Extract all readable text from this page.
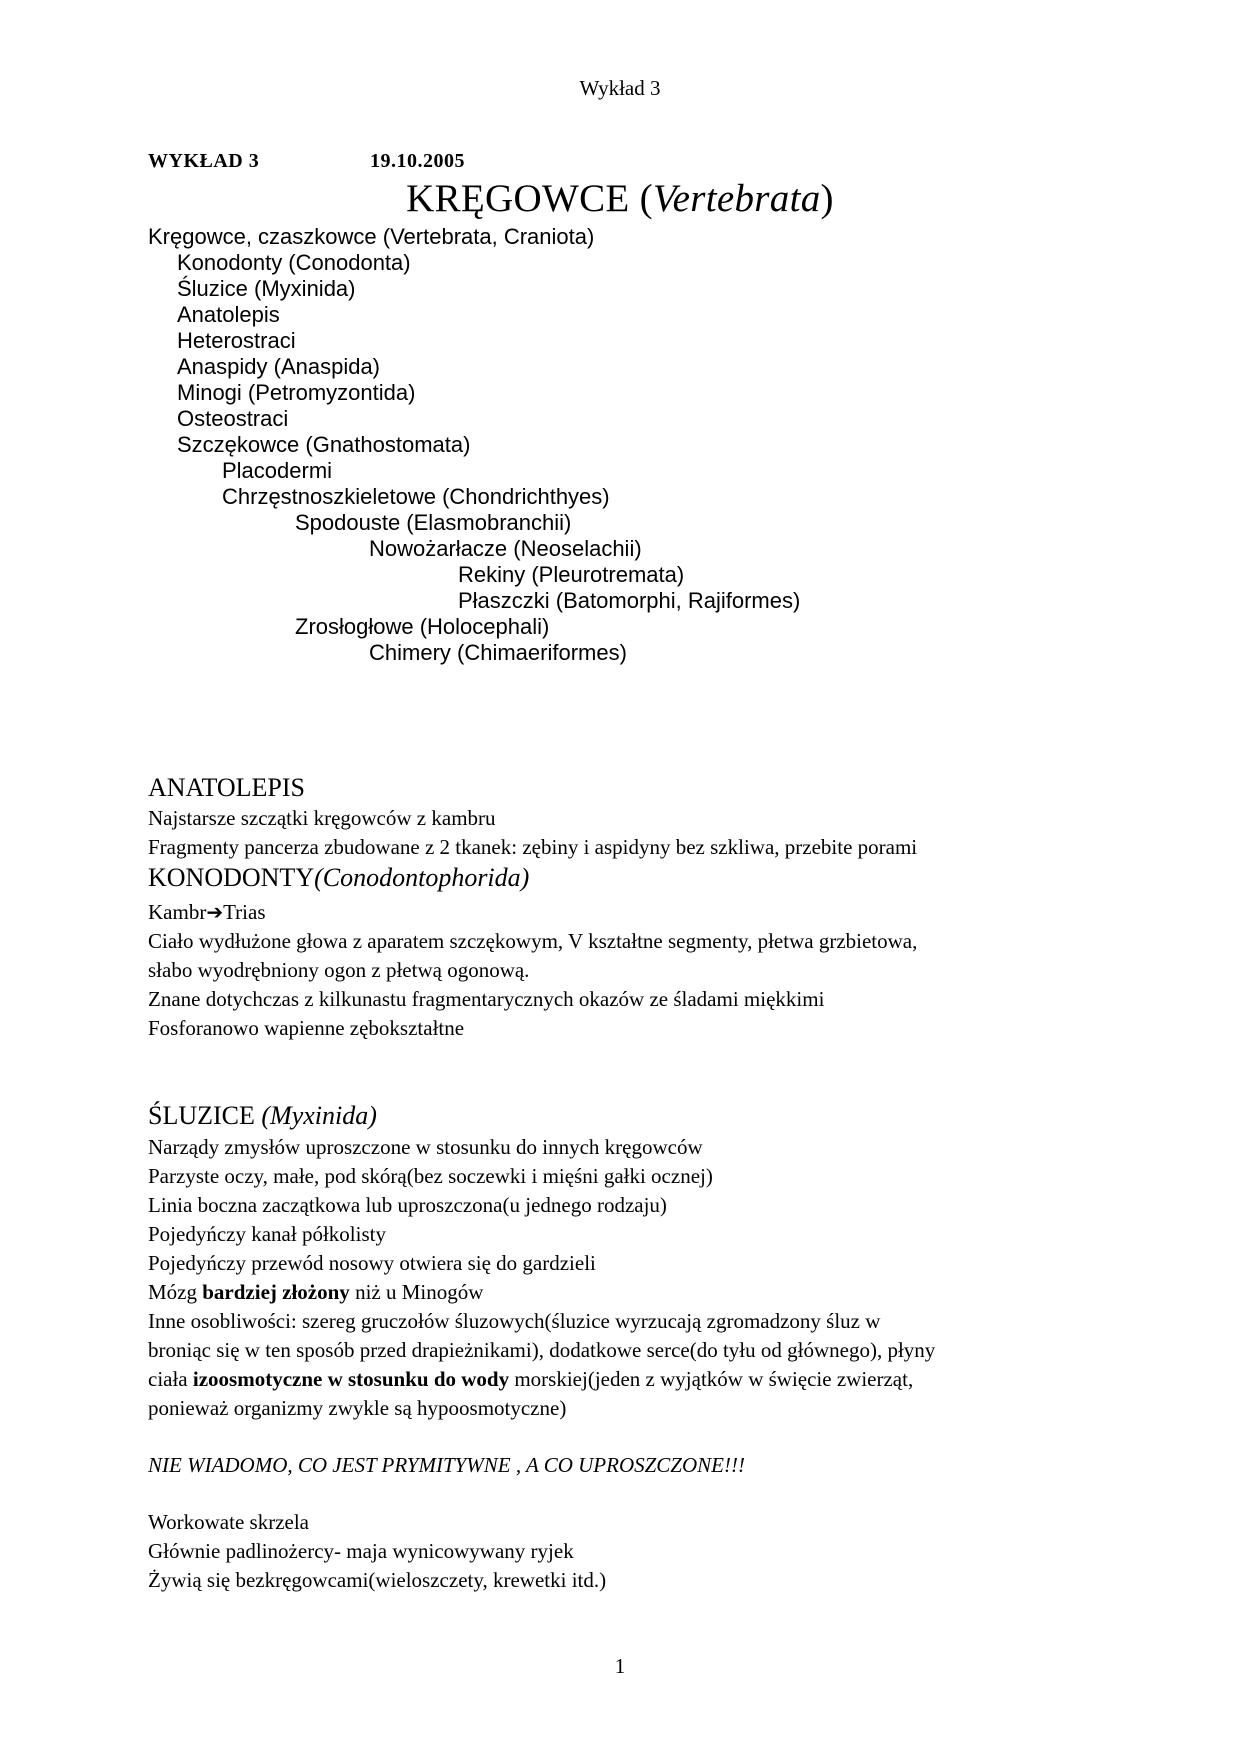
Wykład 3
WYKŁAD 3	19.10.2005
KRĘGOWCE (Vertebrata)
Kręgowce, czaszkowce (Vertebrata, Craniota)
Konodonty (Conodonta)
Śluzice (Myxinida)
Anatolepis
Heterostraci
Anaspidy (Anaspida)
Minogi (Petromyzontida)
Osteostraci
Szczękowce (Gnathostomata)
Placodermi
Chrzęstnoszkieletowe (Chondrichthyes)
Spodouste (Elasmobranchii)
Nowożarłacze (Neoselachii)
Rekiny (Pleurotremata)
Płaszczki (Batomorphi, Rajiformes)
Zrosłogłowe (Holocephali)
Chimery (Chimaeriformes)
ANATOLEPIS
Najstarsze szczątki kręgowców z kambru
Fragmenty pancerza zbudowane z 2 tkanek: zębiny i aspidyny bez szkliwa, przebite porami
KONODONTY(Conodontophorida)
Kambr➔Trias
Ciało wydłużone głowa z aparatem szczękowym, V kształtne segmenty, płetwa grzbietowa,
słabo wyodrębniony ogon z płetwą ogonową.
Znane dotychczas z kilkunastu fragmentarycznych okazów ze śladami miękkimi
Fosforanowo wapienne zębokształtne
ŚLUZICE (Myxinida)
Narządy zmysłów uproszczone w stosunku do innych kręgowców
Parzyste oczy, małe, pod skórą(bez soczewki i mięśni gałki ocznej)
Linia boczna zaczątkowa lub uproszczona(u jednego rodzaju)
Pojedyńczy kanał półkolisty
Pojedyńczy przewód nosowy otwiera się do gardzieli
Mózg bardziej złożony niż u Minogów
Inne osobliwości: szereg gruczołów śluzowych(śluzice wyrzucają zgromadzony śluz w
broniąc się w ten sposób przed drapieżnikami), dodatkowe serce(do tyłu od głównego), płyny
ciała izoosmotyczne w stosunku do wody morskiej(jeden z wyjątków w święcie zwierząt,
ponieważ organizmy zwykle są hypoosmotyczne)
NIE WIADOMO, CO JEST PRYMITYWNE , A CO UPROSZCZONE!!!
Workowate skrzela
Głównie padlinożercy- maja wynicowywany ryjek
Żywią się bezkręgowcami(wieloszczety, krewetki itd.)
1
